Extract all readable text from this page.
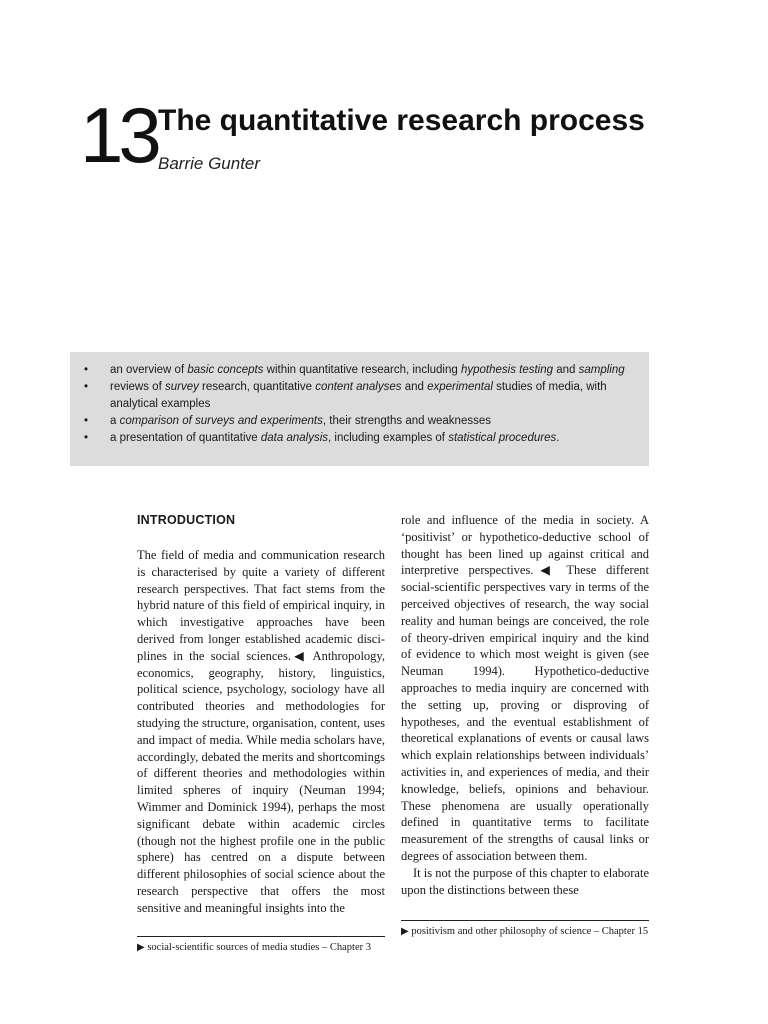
13 The quantitative research process
Barrie Gunter
• an overview of basic concepts within quantitative research, including hypothesis testing and sampling
• reviews of survey research, quantitative content analyses and experimental studies of media, with analytical examples
• a comparison of surveys and experiments, their strengths and weaknesses
• a presentation of quantitative data analysis, including examples of statistical procedures.
INTRODUCTION

The field of media and communication research is characterised by quite a variety of different research perspectives. That fact stems from the hybrid nature of this field of empirical inquiry, in which investigative approaches have been derived from longer established academic disciplines in the social sciences.◀ Anthropology, economics, geography, history, linguistics, political science, psychology, sociology have all contributed theories and methodologies for studying the structure, organisation, content, uses and impact of media. While media scholars have, accordingly, debated the merits and shortcomings of different theories and methodologies within limited spheres of inquiry (Neuman 1994; Wimmer and Dominick 1994), perhaps the most significant debate within academic circles (though not the highest profile one in the public sphere) has centred on a dispute between different philosophies of social science about the research perspective that offers the most sensitive and meaningful insights into the

role and influence of the media in society. A ‘positivist’ or hypothetico-deductive school of thought has been lined up against critical and interpretive perspectives.◀ These different social-scientific perspectives vary in terms of the perceived objectives of research, the way social reality and human beings are conceived, the role of theory-driven empirical inquiry and the kind of evidence to which most weight is given (see Neuman 1994). Hypothetico-deductive approaches to media inquiry are concerned with the setting up, proving or disproving of hypotheses, and the eventual establishment of theoretical explanations of events or causal laws which explain relationships between individuals’ activities in, and experiences of media, and their knowledge, beliefs, opinions and behaviour. These phenomena are usually operationally defined in quantitative terms to facilitate measurement of the strengths of causal links or degrees of association between them.

It is not the purpose of this chapter to elaborate upon the distinctions between these

▶ social-scientific sources of media studies – Chapter 3
▶ positivism and other philosophy of science – Chapter 15
